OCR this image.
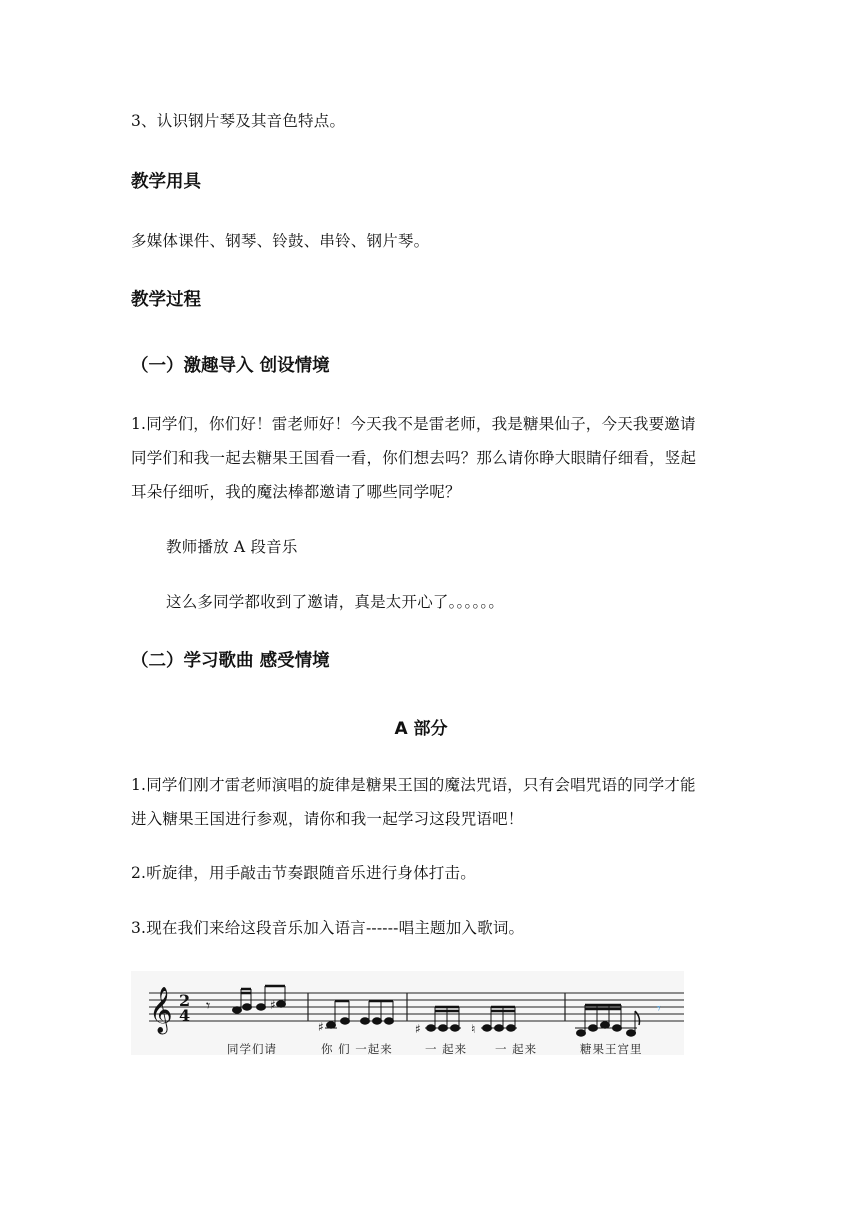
3、认识钢片琴及其音色特点。

教学用具

多媒体课件、钢琴、铃鼓、串铃、钢片琴。

教学过程
（一）激趣导入 创设情境

1.同学们，你们好！雷老师好！今天我不是雷老师，我是糖果仙子，今天我要邀请

同学们和我一起去糖果王国看一看，你们想去吗？那么请你睁大眼睛仔细看，竖起

耳朵仔细听，我的魔法棒都邀请了哪些同学呢？

教师播放 A 段音乐

这么多同学都收到了邀请，真是太开心了。。。。。。

（二）学习歌曲 感受情境
A 部分

1.同学们刚才雷老师演唱的旋律是糖果王国的魔法咒语，只有会唱咒语的同学才能

进入糖果王国进行参观，请你和我一起学习这段咒语吧！

2.听旋律，用手敲击节奏跟随音乐进行身体打击。

3.现在我们来给这段音乐加入语言------唱主题加入歌词。

𝄞 2
4
𝄾	♯
♯	♯	♮
𝄾
同学们请	你 们 一起来	一 起来 一 起来	糖果王宫里
